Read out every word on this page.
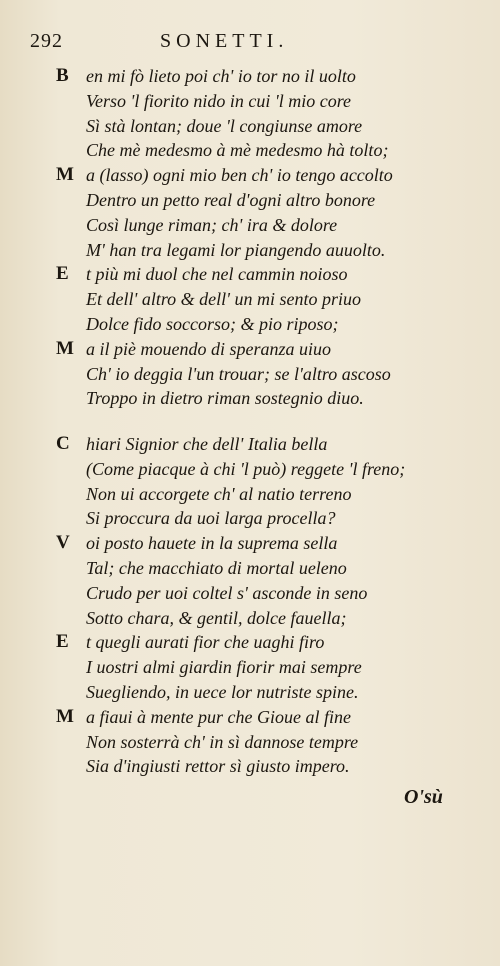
292	SONETTI.
B en mi fò lieto poi ch' io tor no il uolto
Verso 'l fiorito nido in cui 'l mio core
Sì stà lontan; doue 'l congiunse amore
Che mè medesmo à mè medesmo hà tolto;
M a (lasso) ogni mio ben ch' io tengo accolto
Dentro un petto real d'ogni altro bonore
Così lunge riman; ch' ira & dolore
M' han tra legami lor piangendo auuolto.
E t più mi duol che nel cammin noioso
Et dell' altro & dell' un mi sento priuo
Dolce fido soccorso; & pio riposo;
M a il piè mouendo di speranza uiuo
Ch' io deggia l'un trouar; se l'altro ascoso
Troppo in dietro riman sostegnio diuo.
C hiari Signior che dell' Italia bella
(Come piacque à chi 'l può) reggete 'l freno;
Non ui accorgete ch' al natio terreno
Si proccura da uoi larga procella?
V oi posto hauete in la suprema sella
Tal; che macchiato di mortal ueleno
Crudo per uoi coltel s' asconde in seno
Sotto chara, & gentil, dolce fauella;
E t quegli aurati fior che uaghi firo
I uostri almi giardin fiorir mai sempre
Suegliendo, in uece lor nutriste spine.
M a fiaui à mente pur che Gioue al fine
Non sosterrà ch' in sì dannose tempre
Sia d'ingiusti rettor sì giusto impero.
O'sù
